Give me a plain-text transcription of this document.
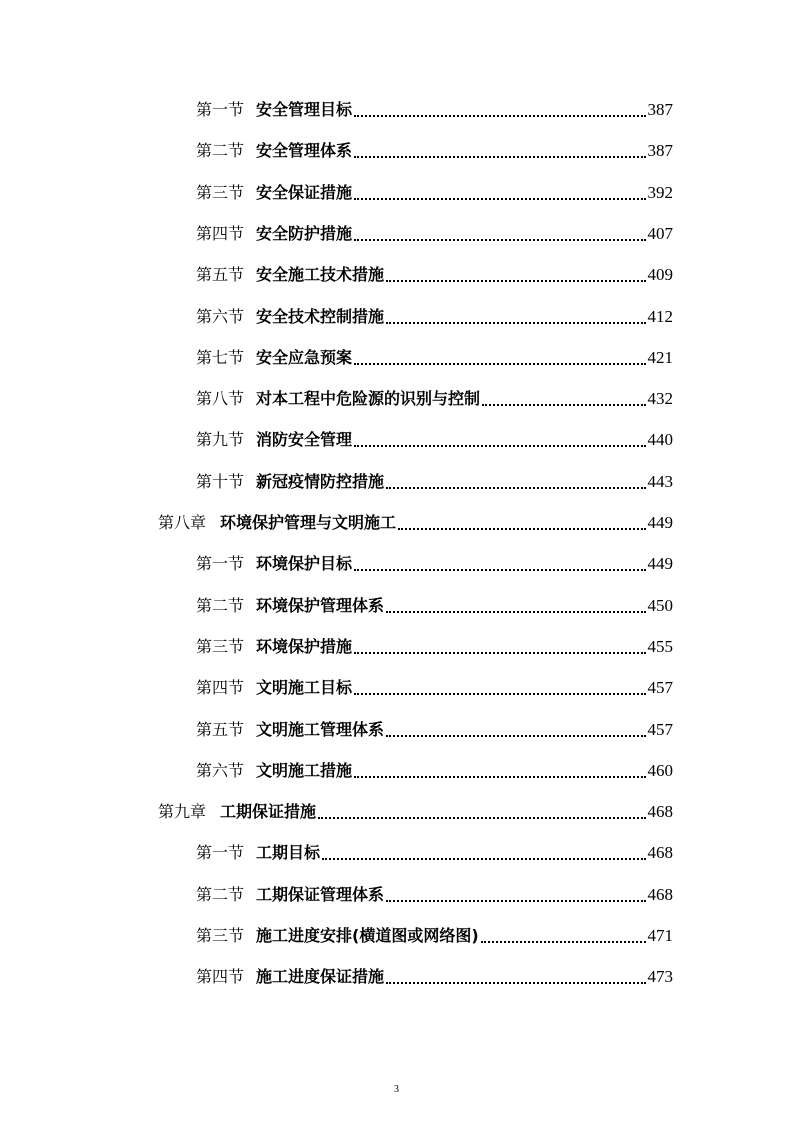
第一节 安全管理目标	387
第二节 安全管理体系	387
第三节 安全保证措施	392
第四节 安全防护措施	407
第五节 安全施工技术措施	409
第六节 安全技术控制措施	412
第七节 安全应急预案	421
第八节 对本工程中危险源的识别与控制	432
第九节 消防安全管理	440
第十节 新冠疫情防控措施	443
第八章 环境保护管理与文明施工	449
第一节 环境保护目标	449
第二节 环境保护管理体系	450
第三节 环境保护措施	455
第四节 文明施工目标	457
第五节 文明施工管理体系	457
第六节 文明施工措施	460
第九章 工期保证措施	468
第一节 工期目标	468
第二节 工期保证管理体系	468
第三节 施工进度安排(横道图或网络图)	471
第四节 施工进度保证措施	473
3
